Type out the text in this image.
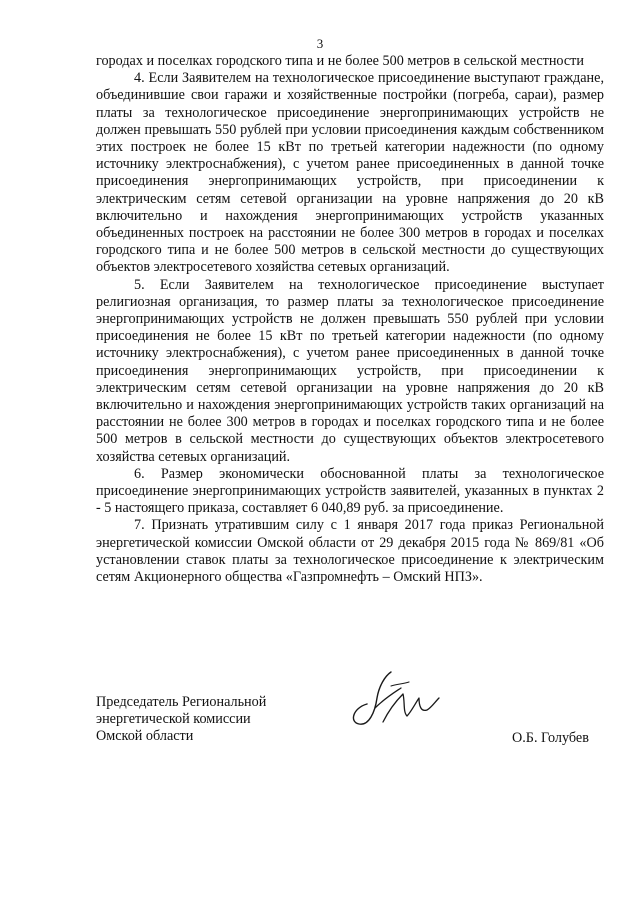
3

городах и поселках городского типа и не более 500 метров в сельской местности

4. Если Заявителем на технологическое присоединение выступают граждане, объединившие свои гаражи и хозяйственные постройки (погреба, сараи), размер платы за технологическое присоединение энергопринимающих устройств не должен превышать 550 рублей при условии присоединения каждым собственником этих построек не более 15 кВт по третьей категории надежности (по одному источнику электроснабжения), с учетом ранее присоединенных в данной точке присоединения энергопринимающих устройств, при присоединении к электрическим сетям сетевой организации на уровне напряжения до 20 кВ включительно и нахождения энергопринимающих устройств указанных объединенных построек на расстоянии не более 300 метров в городах и поселках городского типа и не более 500 метров в сельской местности до существующих объектов электросетевого хозяйства сетевых организаций.

5. Если Заявителем на технологическое присоединение выступает религиозная организация, то размер платы за технологическое присоединение энергопринимающих устройств не должен превышать 550 рублей при условии присоединения не более 15 кВт по третьей категории надежности (по одному источнику электроснабжения), с учетом ранее присоединенных в данной точке присоединения энергопринимающих устройств, при присоединении к электрическим сетям сетевой организации на уровне напряжения до 20 кВ включительно и нахождения энергопринимающих устройств таких организаций на расстоянии не более 300 метров в городах и поселках городского типа и не более 500 метров в сельской местности до существующих объектов электросетевого хозяйства сетевых организаций.

6. Размер экономически обоснованной платы за технологическое присоединение энергопринимающих устройств заявителей, указанных в пунктах 2 - 5 настоящего приказа, составляет 6 040,89 руб. за присоединение.

7. Признать утратившим силу с 1 января 2017 года приказ Региональной энергетической комиссии Омской области от 29 декабря 2015 года № 869/81 «Об установлении ставок платы за технологическое присоединение к электрическим сетям Акционерного общества «Газпромнефть – Омский НПЗ».

Председатель Региональной
энергетической комиссии
Омской области	О.Б. Голубев
